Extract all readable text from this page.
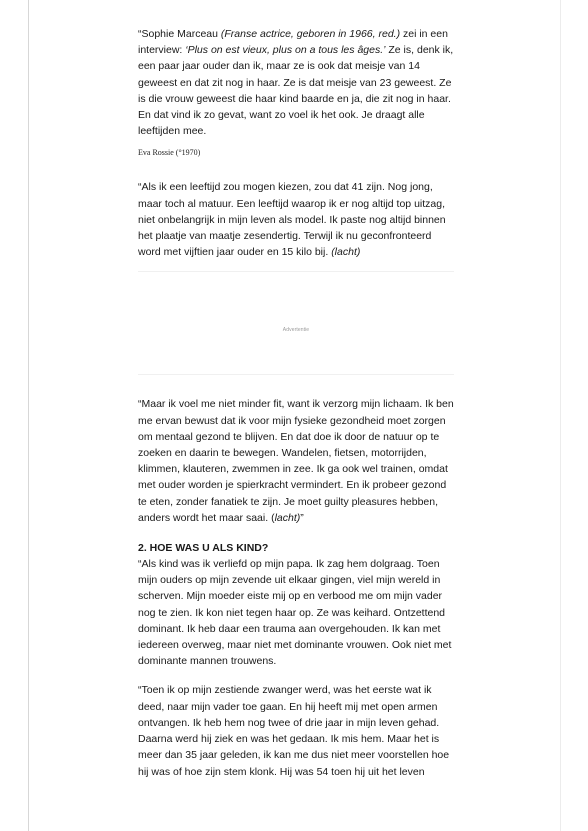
“Sophie Marceau (Franse actrice, geboren in 1966, red.) zei in een interview: ‘Plus on est vieux, plus on a tous les âges.’ Ze is, denk ik, een paar jaar ouder dan ik, maar ze is ook dat meisje van 14 geweest en dat zit nog in haar. Ze is dat meisje van 23 geweest. Ze is die vrouw geweest die haar kind baarde en ja, die zit nog in haar. En dat vind ik zo gevat, want zo voel ik het ook. Je draagt alle leeftijden mee.

Eva Rossie (°1970)

“Als ik een leeftijd zou mogen kiezen, zou dat 41 zijn. Nog jong, maar toch al matuur. Een leeftijd waarop ik er nog altijd top uitzag, niet onbelangrijk in mijn leven als model. Ik paste nog altijd binnen het plaatje van maatje zesendertig. Terwijl ik nu geconfronteerd word met vijftien jaar ouder en 15 kilo bij. (lacht)

Advertentie

“Maar ik voel me niet minder fit, want ik verzorg mijn lichaam. Ik ben me ervan bewust dat ik voor mijn fysieke gezondheid moet zorgen om mentaal gezond te blijven. En dat doe ik door de natuur op te zoeken en daarin te bewegen. Wandelen, fietsen, motorrijden, klimmen, klauteren, zwemmen in zee. Ik ga ook wel trainen, omdat met ouder worden je spierkracht vermindert. En ik probeer gezond te eten, zonder fanatiek te zijn. Je moet guilty pleasures hebben, anders wordt het maar saai. (lacht)”

2. HOE WAS U ALS KIND?

“Als kind was ik verliefd op mijn papa. Ik zag hem dolgraag. Toen mijn ouders op mijn zevende uit elkaar gingen, viel mijn wereld in scherven. Mijn moeder eiste mij op en verbood me om mijn vader nog te zien. Ik kon niet tegen haar op. Ze was keihard. Ontzettend dominant. Ik heb daar een trauma aan overgehouden. Ik kan met iedereen overweg, maar niet met dominante vrouwen. Ook niet met dominante mannen trouwens.

“Toen ik op mijn zestiende zwanger werd, was het eerste wat ik deed, naar mijn vader toe gaan. En hij heeft mij met open armen ontvangen. Ik heb hem nog twee of drie jaar in mijn leven gehad. Daarna werd hij ziek en was het gedaan. Ik mis hem. Maar het is meer dan 35 jaar geleden, ik kan me dus niet meer voorstellen hoe hij was of hoe zijn stem klonk. Hij was 54 toen hij uit het leven
